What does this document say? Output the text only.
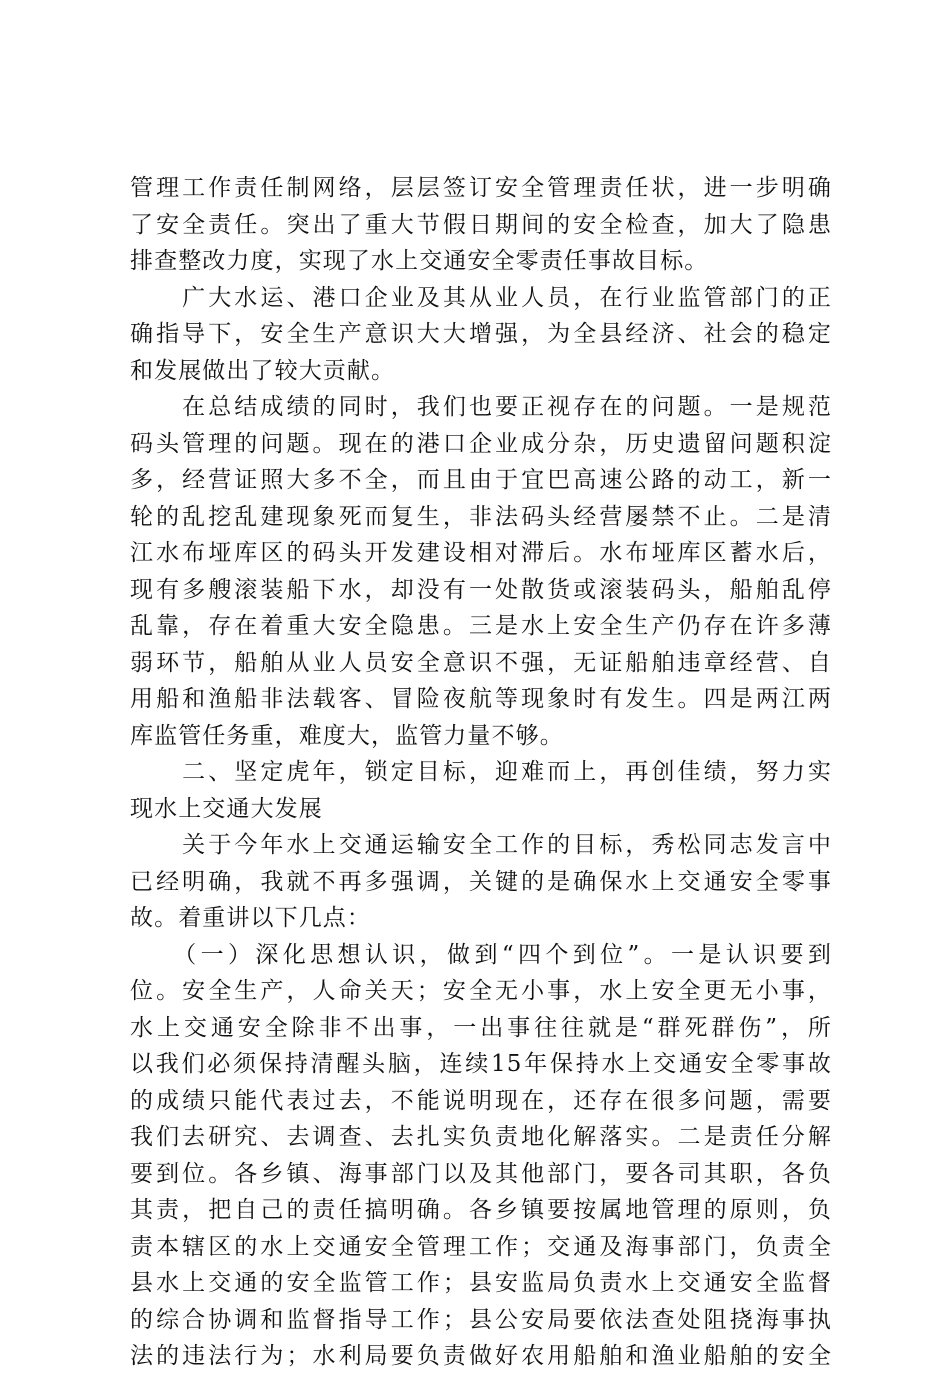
管理工作责任制网络，层层签订安全管理责任状，进一步明确
了安全责任。突出了重大节假日期间的安全检查，加大了隐患
排查整改力度，实现了水上交通安全零责任事故目标。
　　广大水运、港口企业及其从业人员，在行业监管部门的正
确指导下，安全生产意识大大增强，为全县经济、社会的稳定
和发展做出了较大贡献。
　　在总结成绩的同时，我们也要正视存在的问题。一是规范
码头管理的问题。现在的港口企业成分杂，历史遗留问题积淀
多，经营证照大多不全，而且由于宜巴高速公路的动工，新一
轮的乱挖乱建现象死而复生，非法码头经营屡禁不止。二是清
江水布垭库区的码头开发建设相对滞后。水布垭库区蓄水后，
现有多艘滚装船下水，却没有一处散货或滚装码头，船舶乱停
乱靠，存在着重大安全隐患。三是水上安全生产仍存在许多薄
弱环节，船舶从业人员安全意识不强，无证船舶违章经营、自
用船和渔船非法载客、冒险夜航等现象时有发生。四是两江两
库监管任务重，难度大，监管力量不够。
　　二、坚定虎年，锁定目标，迎难而上，再创佳绩，努力实
现水上交通大发展
　　关于今年水上交通运输安全工作的目标，秀松同志发言中
已经明确，我就不再多强调，关键的是确保水上交通安全零事
故。着重讲以下几点：
　　（一）深化思想认识，做到“四个到位”。一是认识要到
位。安全生产，人命关天；安全无小事，水上安全更无小事，
水上交通安全除非不出事，一出事往往就是“群死群伤”，所
以我们必须保持清醒头脑，连续15年保持水上交通安全零事故
的成绩只能代表过去，不能说明现在，还存在很多问题，需要
我们去研究、去调查、去扎实负责地化解落实。二是责任分解
要到位。各乡镇、海事部门以及其他部门，要各司其职，各负
其责，把自己的责任搞明确。各乡镇要按属地管理的原则，负
责本辖区的水上交通安全管理工作；交通及海事部门，负责全
县水上交通的安全监管工作；县安监局负责水上交通安全监督
的综合协调和监督指导工作；县公安局要依法查处阻挠海事执
法的违法行为；水利局要负责做好农用船舶和渔业船舶的安全
